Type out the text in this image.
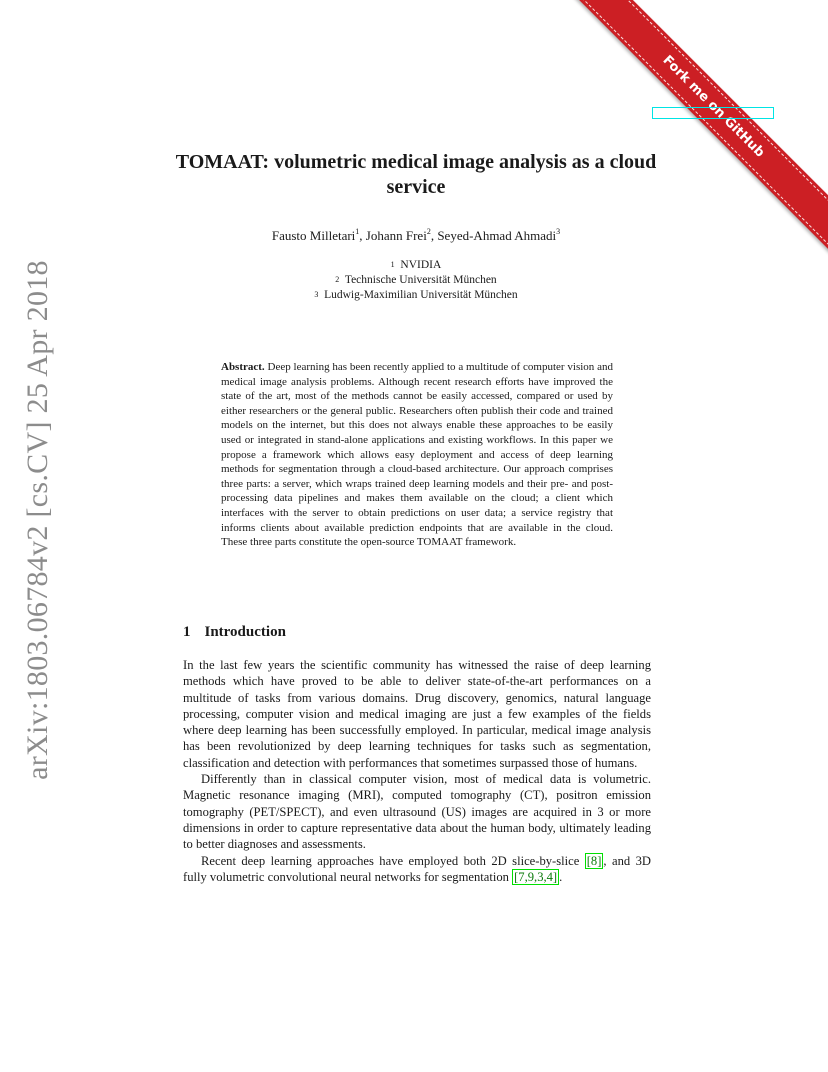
arXiv:1803.06784v2 [cs.CV] 25 Apr 2018
Fork me on GitHub
TOMAAT: volumetric medical image analysis as a cloud service
Fausto Milletari$^1$, Johann Frei$^2$, Seyed-Ahmad Ahmadi$^3$
$^1$ NVIDIA
$^2$ Technische Universität München
$^3$ Ludwig-Maximilian Universität München
Abstract. Deep learning has been recently applied to a multitude of computer vision and medical image analysis problems. Although recent research efforts have improved the state of the art, most of the methods cannot be easily accessed, compared or used by either researchers or the general public. Researchers often publish their code and trained models on the internet, but this does not always enable these approaches to be easily used or integrated in stand-alone applications and existing workflows. In this paper we propose a framework which allows easy deployment and access of deep learning methods for segmentation through a cloud-based architecture. Our approach comprises three parts: a server, which wraps trained deep learning models and their pre- and post-processing data pipelines and makes them available on the cloud; a client which interfaces with the server to obtain predictions on user data; a service registry that informs clients about available prediction endpoints that are available in the cloud. These three parts constitute the open-source TOMAAT framework.
1 Introduction

In the last few years the scientific community has witnessed the raise of deep learning methods which have proved to be able to deliver state-of-the-art performances on a multitude of tasks from various domains. Drug discovery, genomics, natural language processing, computer vision and medical imaging are just a few examples of the fields where deep learning has been successfully employed. In particular, medical image analysis has been revolutionized by deep learning techniques for tasks such as segmentation, classification and detection with performances that sometimes surpassed those of humans.

Differently than in classical computer vision, most of medical data is volumetric. Magnetic resonance imaging (MRI), computed tomography (CT), positron emission tomography (PET/SPECT), and even ultrasound (US) images are acquired in 3 or more dimensions in order to capture representative data about the human body, ultimately leading to better diagnoses and assessments.

Recent deep learning approaches have employed both 2D slice-by-slice [8] , and 3D fully volumetric convolutional neural networks for segmentation [7,9,3,4] .
